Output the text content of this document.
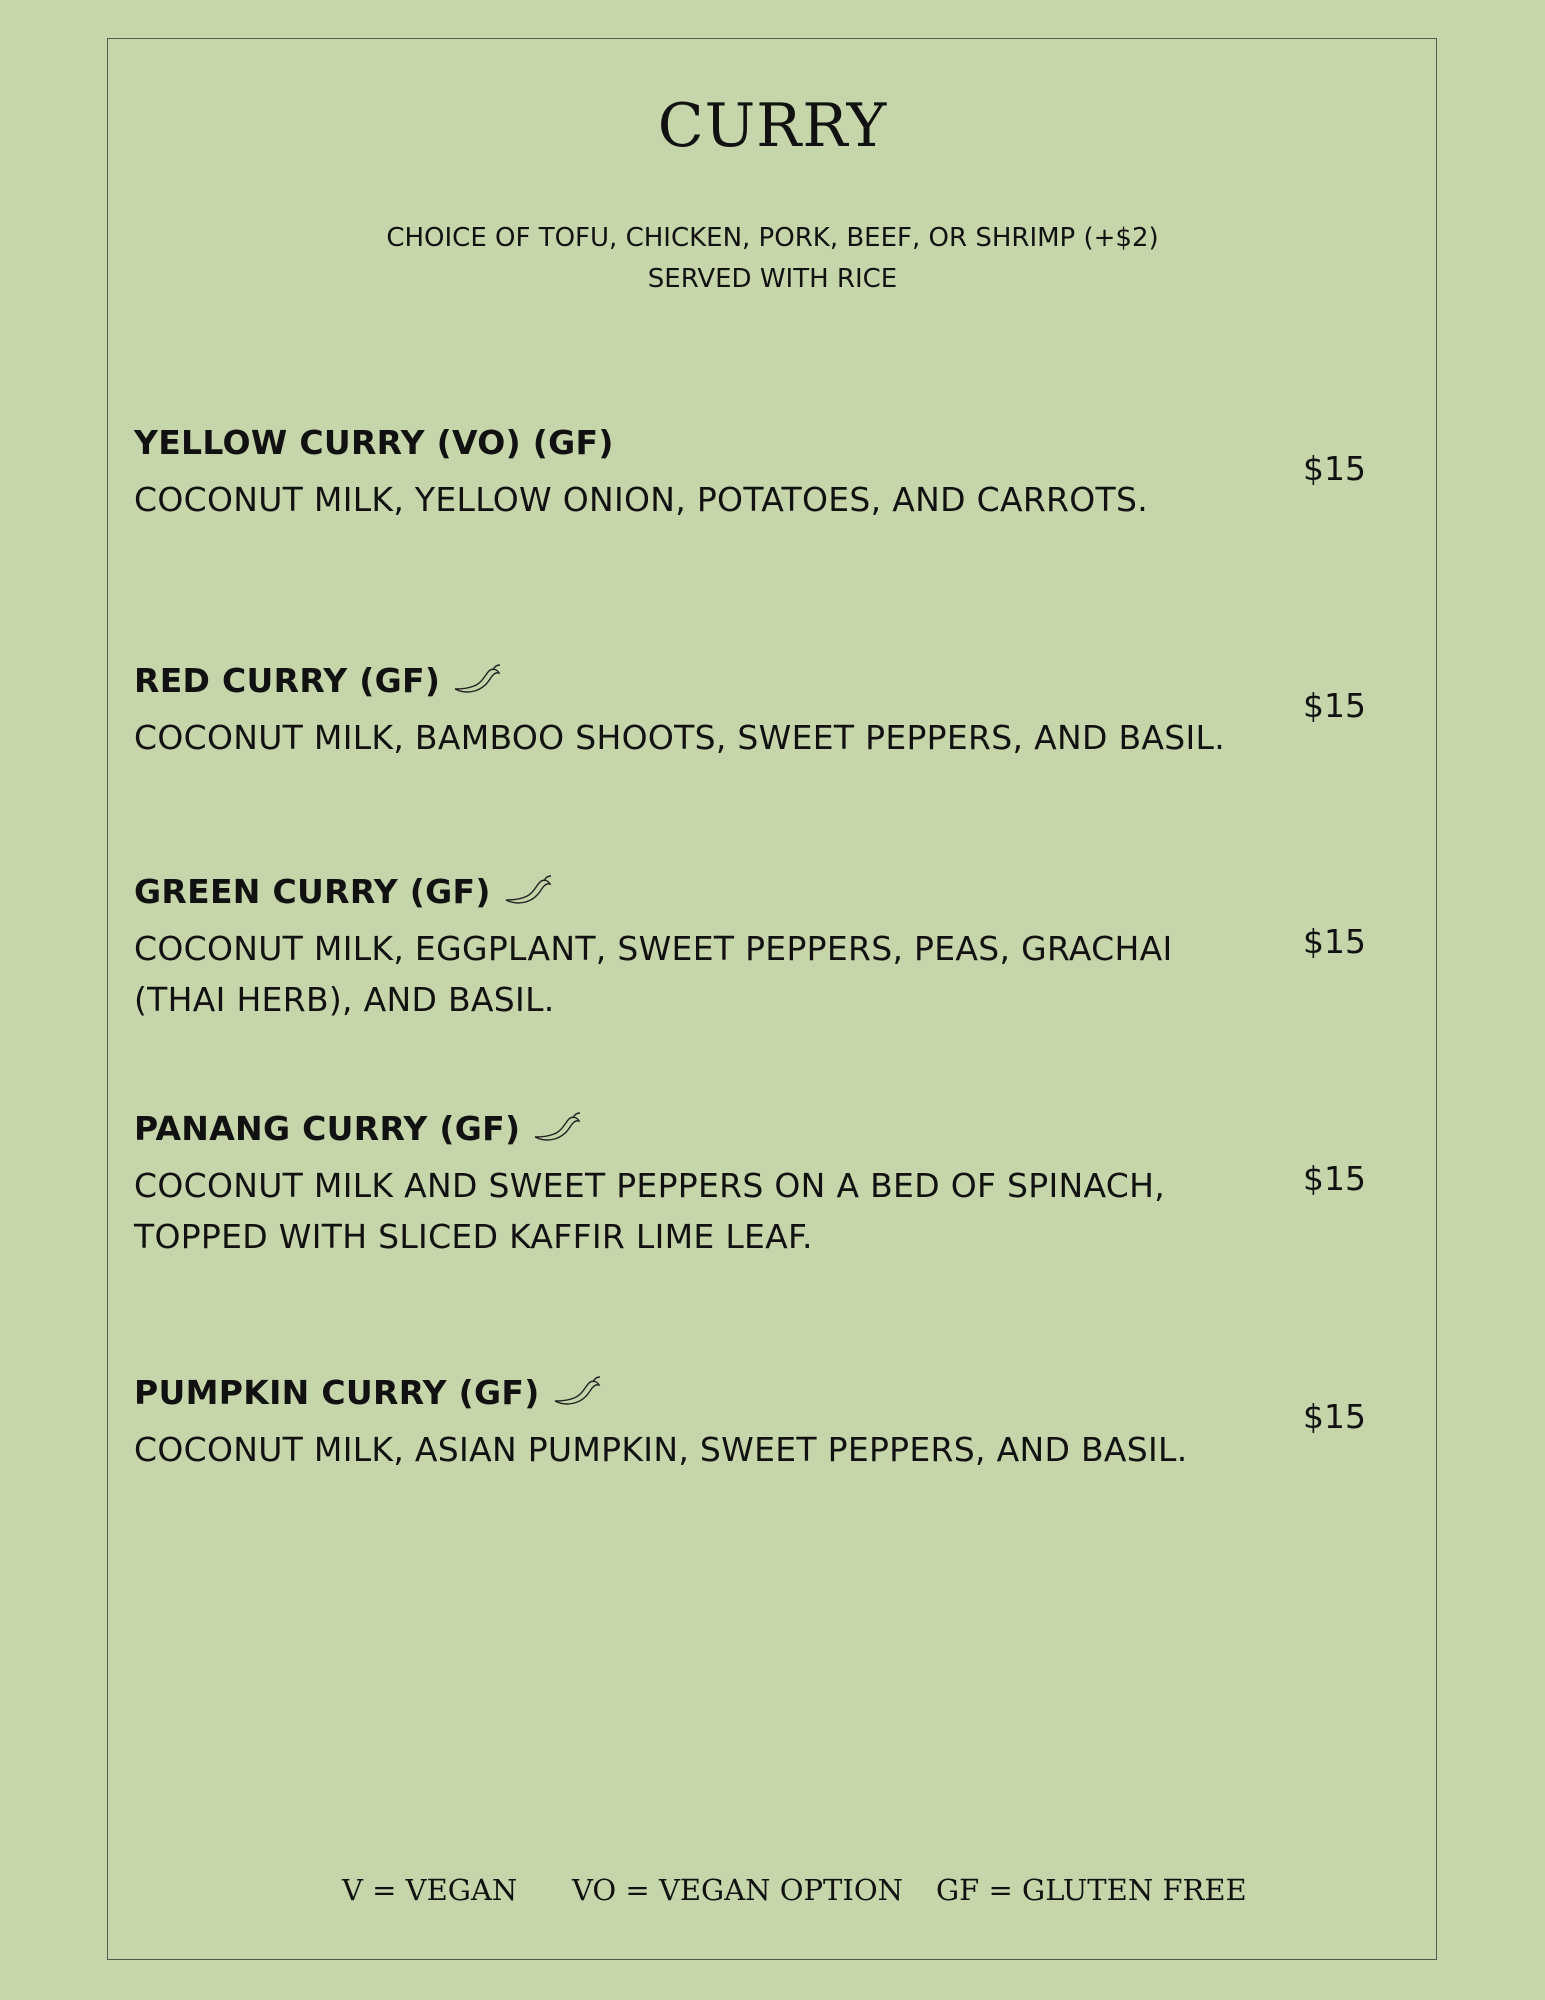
CURRY
CHOICE OF TOFU, CHICKEN, PORK, BEEF, OR SHRIMP (+$2)
SERVED WITH RICE
YELLOW CURRY (VO) (GF)
COCONUT MILK, YELLOW ONION, POTATOES, AND CARROTS.
$15
RED CURRY (GF)
COCONUT MILK, BAMBOO SHOOTS, SWEET PEPPERS, AND BASIL.
$15
GREEN CURRY (GF)
COCONUT MILK, EGGPLANT, SWEET PEPPERS, PEAS, GRACHAI (THAI HERB), AND BASIL.
$15
PANANG CURRY (GF)
COCONUT MILK AND SWEET PEPPERS ON A BED OF SPINACH, TOPPED WITH SLICED KAFFIR LIME LEAF.
$15
PUMPKIN CURRY (GF)
COCONUT MILK, ASIAN PUMPKIN, SWEET PEPPERS, AND BASIL.
$15
V = VEGAN VO = VEGAN OPTION GF = GLUTEN FREE
